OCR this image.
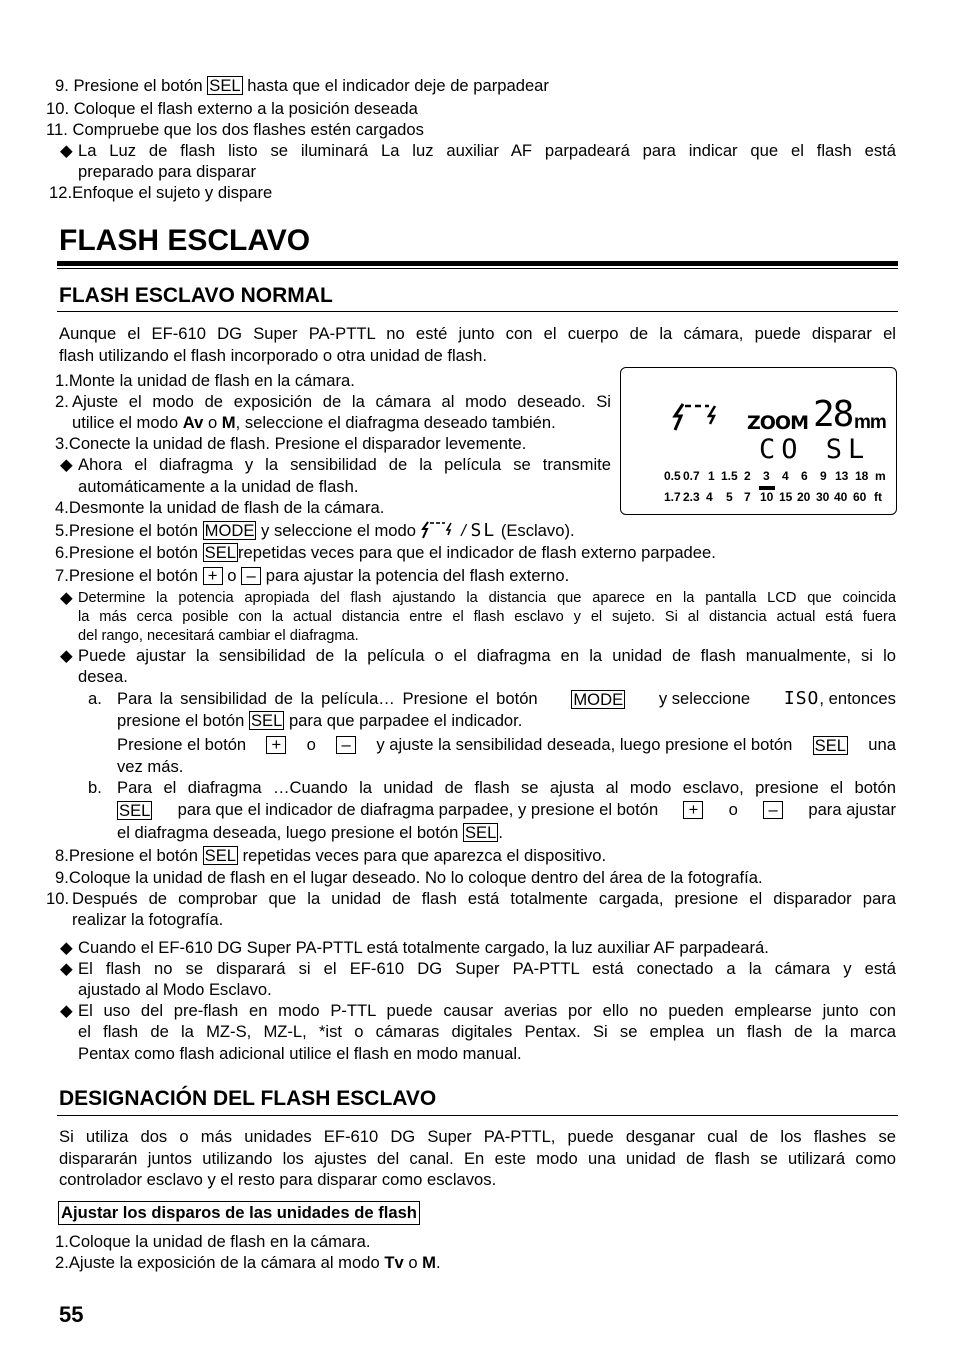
9. Presione el botón SEL hasta que el indicador deje de parpadear
10. Coloque el flash externo a la posición deseada
11. Compruebe que los dos flashes estén cargados
◆ La Luz de flash listo se iluminará La luz auxiliar AF parpadeará para indicar que el flash está
preparado para disparar
12.Enfoque el sujeto y dispare
FLASH ESCLAVO
FLASH ESCLAVO NORMAL
Aunque el EF-610 DG Super PA-PTTL no esté junto con el cuerpo de la cámara, puede disparar el
flash utilizando el flash incorporado o otra unidad de flash.
1.Monte la unidad de flash en la cámara.
2. Ajuste el modo de exposición de la cámara al modo deseado. Si
utilice el modo Av o M, seleccione el diafragma deseado también.
3.Conecte la unidad de flash. Presione el disparador levemente.
◆ Ahora el diafragma y la sensibilidad de la película se transmite
automáticamente a la unidad de flash.
4.Desmonte la unidad de flash de la cámara.
ZOOM 28 mm
CO SL
0.5 0.7 1 1.5 2 3 4 6 9 13 18 m
1.7 2.3 4 5 7 10 15 20 30 40 60 ft
5.Presione el botón MODE y seleccione el modo	/ SL (Esclavo).
6.Presione el botón SEL repetidas veces para que el indicador de flash externo parpadee.
7.Presione el botón + o – para ajustar la potencia del flash externo.
◆ Determine la potencia apropiada del flash ajustando la distancia que aparece en la pantalla LCD que coincida
la más cerca posible con la actual distancia entre el flash esclavo y el sujeto. Si al distancia actual está fuera
del rango, necesitará cambiar el diafragma.
◆ Puede ajustar la sensibilidad de la película o el diafragma en la unidad de flash manualmente, si lo
desea.
a. Para la sensibilidad de la película… Presione el botón MODE y seleccione ISO, entonces
presione el botón SEL para que parpadee el indicador.
Presione el botón	+	o	–	y ajuste la sensibilidad deseada, luego presione el botón SEL una
vez más.
b. Para el diafragma …Cuando la unidad de flash se ajusta al modo esclavo, presione el botón
SEL para que el indicador de diafragma parpadee, y presione el botón	+	o	–	para ajustar
el diafragma deseada, luego presione el botón SEL .
8.Presione el botón SEL repetidas veces para que aparezca el dispositivo.
9.Coloque la unidad de flash en el lugar deseado. No lo coloque dentro del área de la fotografía.
10. Después de comprobar que la unidad de flash está totalmente cargada, presione el disparador para
realizar la fotografía.
◆ Cuando el EF-610 DG Super PA-PTTL está totalmente cargado, la luz auxiliar AF parpadeará.
◆ El flash no se disparará si el EF-610 DG Super PA-PTTL está conectado a la cámara y está
ajustado al Modo Esclavo.
◆ El uso del pre-flash en modo P-TTL puede causar averias por ello no pueden emplearse junto con
el flash de la MZ-S, MZ-L, *ist o cámaras digitales Pentax. Si se emplea un flash de la marca
Pentax como flash adicional utilice el flash en modo manual.
DESIGNACIÓN DEL FLASH ESCLAVO
Si utiliza dos o más unidades EF-610 DG Super PA-PTTL, puede desganar cual de los flashes se
dispararán juntos utilizando los ajustes del canal. En este modo una unidad de flash se utilizará como
controlador esclavo y el resto para disparar como esclavos.
Ajustar los disparos de las unidades de flash
1.Coloque la unidad de flash en la cámara.
2.Ajuste la exposición de la cámara al modo Tv o M.
55
